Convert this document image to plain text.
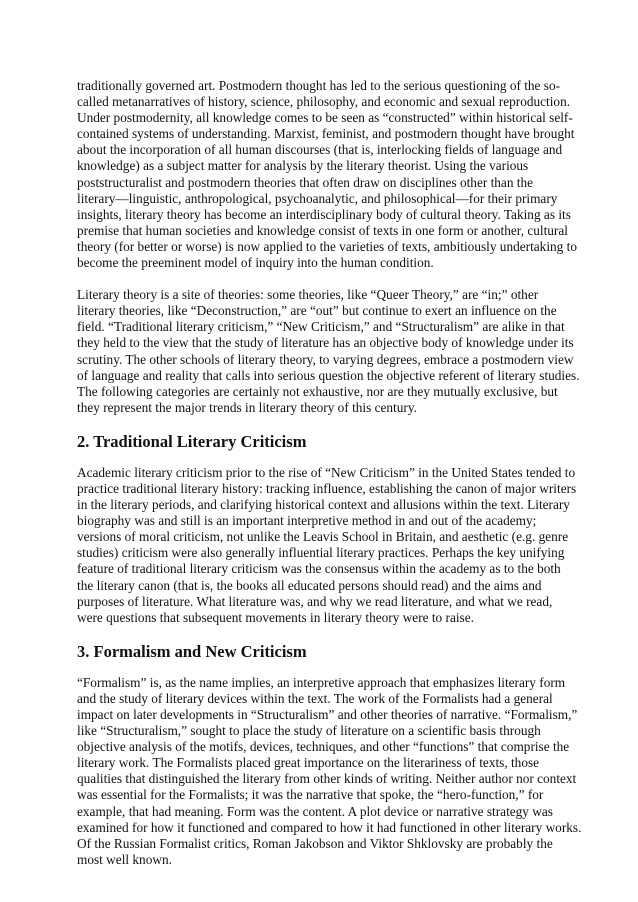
traditionally governed art. Postmodern thought has led to the serious questioning of the so-
called metanarratives of history, science, philosophy, and economic and sexual reproduction.
Under postmodernity, all knowledge comes to be seen as “constructed” within historical self-
contained systems of understanding. Marxist, feminist, and postmodern thought have brought
about the incorporation of all human discourses (that is, interlocking fields of language and
knowledge) as a subject matter for analysis by the literary theorist. Using the various
poststructuralist and postmodern theories that often draw on disciplines other than the
literary—linguistic, anthropological, psychoanalytic, and philosophical—for their primary
insights, literary theory has become an interdisciplinary body of cultural theory. Taking as its
premise that human societies and knowledge consist of texts in one form or another, cultural
theory (for better or worse) is now applied to the varieties of texts, ambitiously undertaking to
become the preeminent model of inquiry into the human condition.

Literary theory is a site of theories: some theories, like “Queer Theory,” are “in;” other
literary theories, like “Deconstruction,” are “out” but continue to exert an influence on the
field. “Traditional literary criticism,” “New Criticism,” and “Structuralism” are alike in that
they held to the view that the study of literature has an objective body of knowledge under its
scrutiny. The other schools of literary theory, to varying degrees, embrace a postmodern view
of language and reality that calls into serious question the objective referent of literary studies.
The following categories are certainly not exhaustive, nor are they mutually exclusive, but
they represent the major trends in literary theory of this century.

2. Traditional Literary Criticism

Academic literary criticism prior to the rise of “New Criticism” in the United States tended to
practice traditional literary history: tracking influence, establishing the canon of major writers
in the literary periods, and clarifying historical context and allusions within the text. Literary
biography was and still is an important interpretive method in and out of the academy;
versions of moral criticism, not unlike the Leavis School in Britain, and aesthetic (e.g. genre
studies) criticism were also generally influential literary practices. Perhaps the key unifying
feature of traditional literary criticism was the consensus within the academy as to the both
the literary canon (that is, the books all educated persons should read) and the aims and
purposes of literature. What literature was, and why we read literature, and what we read,
were questions that subsequent movements in literary theory were to raise.

3. Formalism and New Criticism

“Formalism” is, as the name implies, an interpretive approach that emphasizes literary form
and the study of literary devices within the text. The work of the Formalists had a general
impact on later developments in “Structuralism” and other theories of narrative. “Formalism,”
like “Structuralism,” sought to place the study of literature on a scientific basis through
objective analysis of the motifs, devices, techniques, and other “functions” that comprise the
literary work. The Formalists placed great importance on the literariness of texts, those
qualities that distinguished the literary from other kinds of writing. Neither author nor context
was essential for the Formalists; it was the narrative that spoke, the “hero-function,” for
example, that had meaning. Form was the content. A plot device or narrative strategy was
examined for how it functioned and compared to how it had functioned in other literary works.
Of the Russian Formalist critics, Roman Jakobson and Viktor Shklovsky are probably the
most well known.
